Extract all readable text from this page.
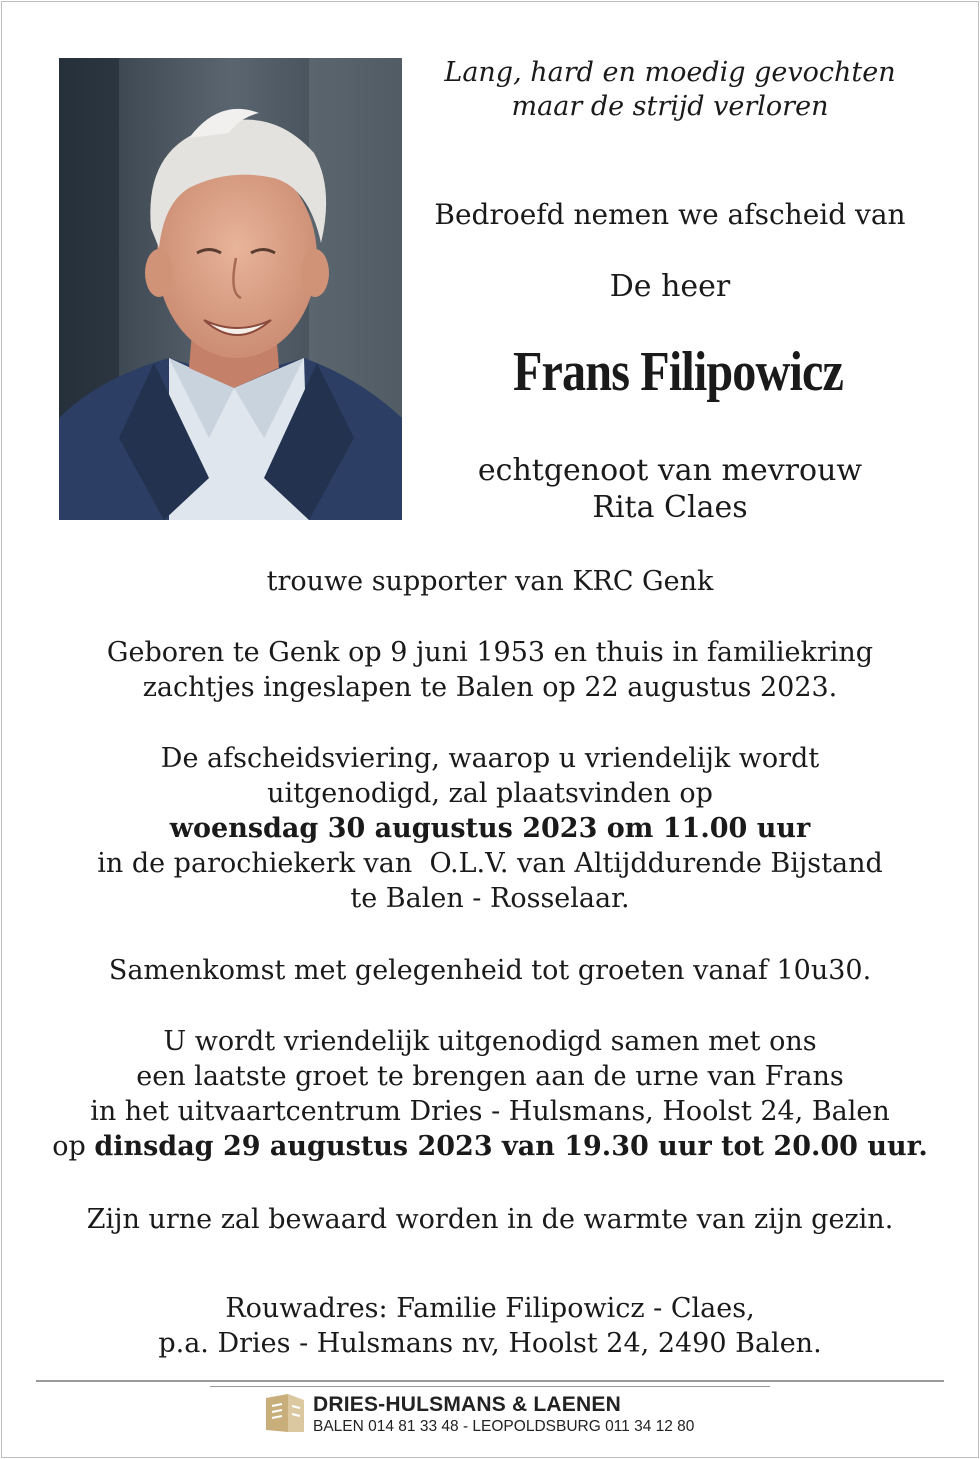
Lang, hard en moedig gevochten
maar de strijd verloren
Bedroefd nemen we afscheid van
De heer
Frans Filipowicz
echtgenoot van mevrouw
Rita Claes
trouwe supporter van KRC Genk
Geboren te Genk op 9 juni 1953 en thuis in familiekring
zachtjes ingeslapen te Balen op 22 augustus 2023.
De afscheidsviering, waarop u vriendelijk wordt
uitgenodigd, zal plaatsvinden op
woensdag 30 augustus 2023 om 11.00 uur
in de parochiekerk van  O.L.V. van Altijddurende Bijstand
te Balen - Rosselaar.
Samenkomst met gelegenheid tot groeten vanaf 10u30.
U wordt vriendelijk uitgenodigd samen met ons
een laatste groet te brengen aan de urne van Frans
in het uitvaartcentrum Dries - Hulsmans, Hoolst 24, Balen
op dinsdag 29 augustus 2023 van 19.30 uur tot 20.00 uur.
Zijn urne zal bewaard worden in de warmte van zijn gezin.
Rouwadres: Familie Filipowicz - Claes,
p.a. Dries - Hulsmans nv, Hoolst 24, 2490 Balen.
DRIES-HULSMANS & LAENEN
BALEN 014 81 33 48 - LEOPOLDSBURG 011 34 12 80
